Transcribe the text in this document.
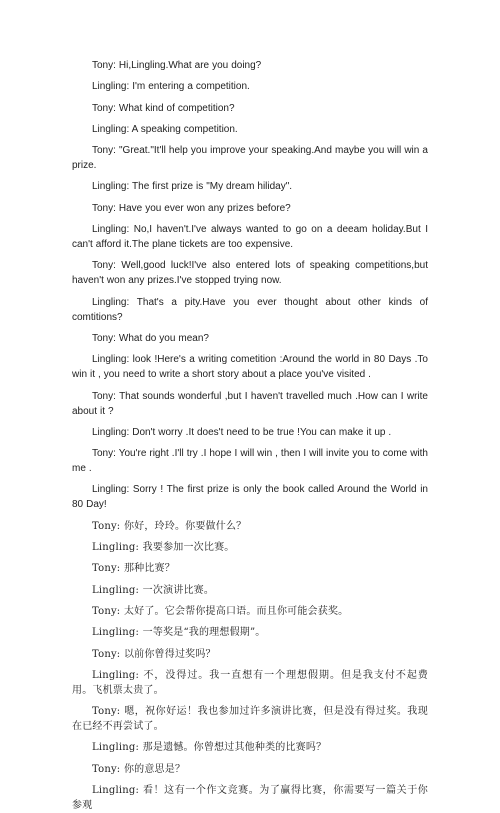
Tony: Hi,Lingling.What are you doing?

Lingling: I'm entering a competition.

Tony: What kind of competition?

Lingling: A speaking competition.

Tony: "Great."It'll help you improve your speaking.And maybe you will win a prize.

Lingling: The first prize is "My dream hiliday".

Tony: Have you ever won any prizes before?

Lingling: No,I haven't.I've always wanted to go on a deeam holiday.But I can't afford it.The plane tickets are too expensive.

Tony: Well,good luck!I've also entered lots of speaking competitions,but haven't won any prizes.I've stopped trying now.

Lingling: That's a pity.Have you ever thought about other kinds of comtitions?

Tony: What do you mean?

Lingling: look !Here's a writing cometition :Around the world in 80 Days .To win it , you need to write a short story about a place you've visited .

Tony: That sounds wonderful ,but I haven't travelled much .How can I write about it ?

Lingling: Don't worry .It does't need to be true !You can make it up .

Tony: You're right .I'll try .I hope I will win , then I will invite you to come with me .

Lingling: Sorry ! The first prize is only the book called Around the World in 80 Day!

Tony: 你好，玲玲。你要做什么？

Lingling: 我要参加一次比赛。

Tony: 那种比赛？

Lingling: 一次演讲比赛。

Tony: 太好了。它会帮你提高口语。而且你可能会获奖。

Lingling: 一等奖是“我的理想假期”。

Tony: 以前你曾得过奖吗？

Lingling: 不，没得过。我一直想有一个理想假期。但是我支付不起费用。飞机票太贵了。

Tony: 嗯，祝你好运！我也参加过许多演讲比赛，但是没有得过奖。我现在已经不再尝试了。

Lingling: 那是遗憾。你曾想过其他种类的比赛吗？

Tony: 你的意思是？

Lingling: 看！这有一个作文竞赛。为了赢得比赛，你需要写一篇关于你参观
